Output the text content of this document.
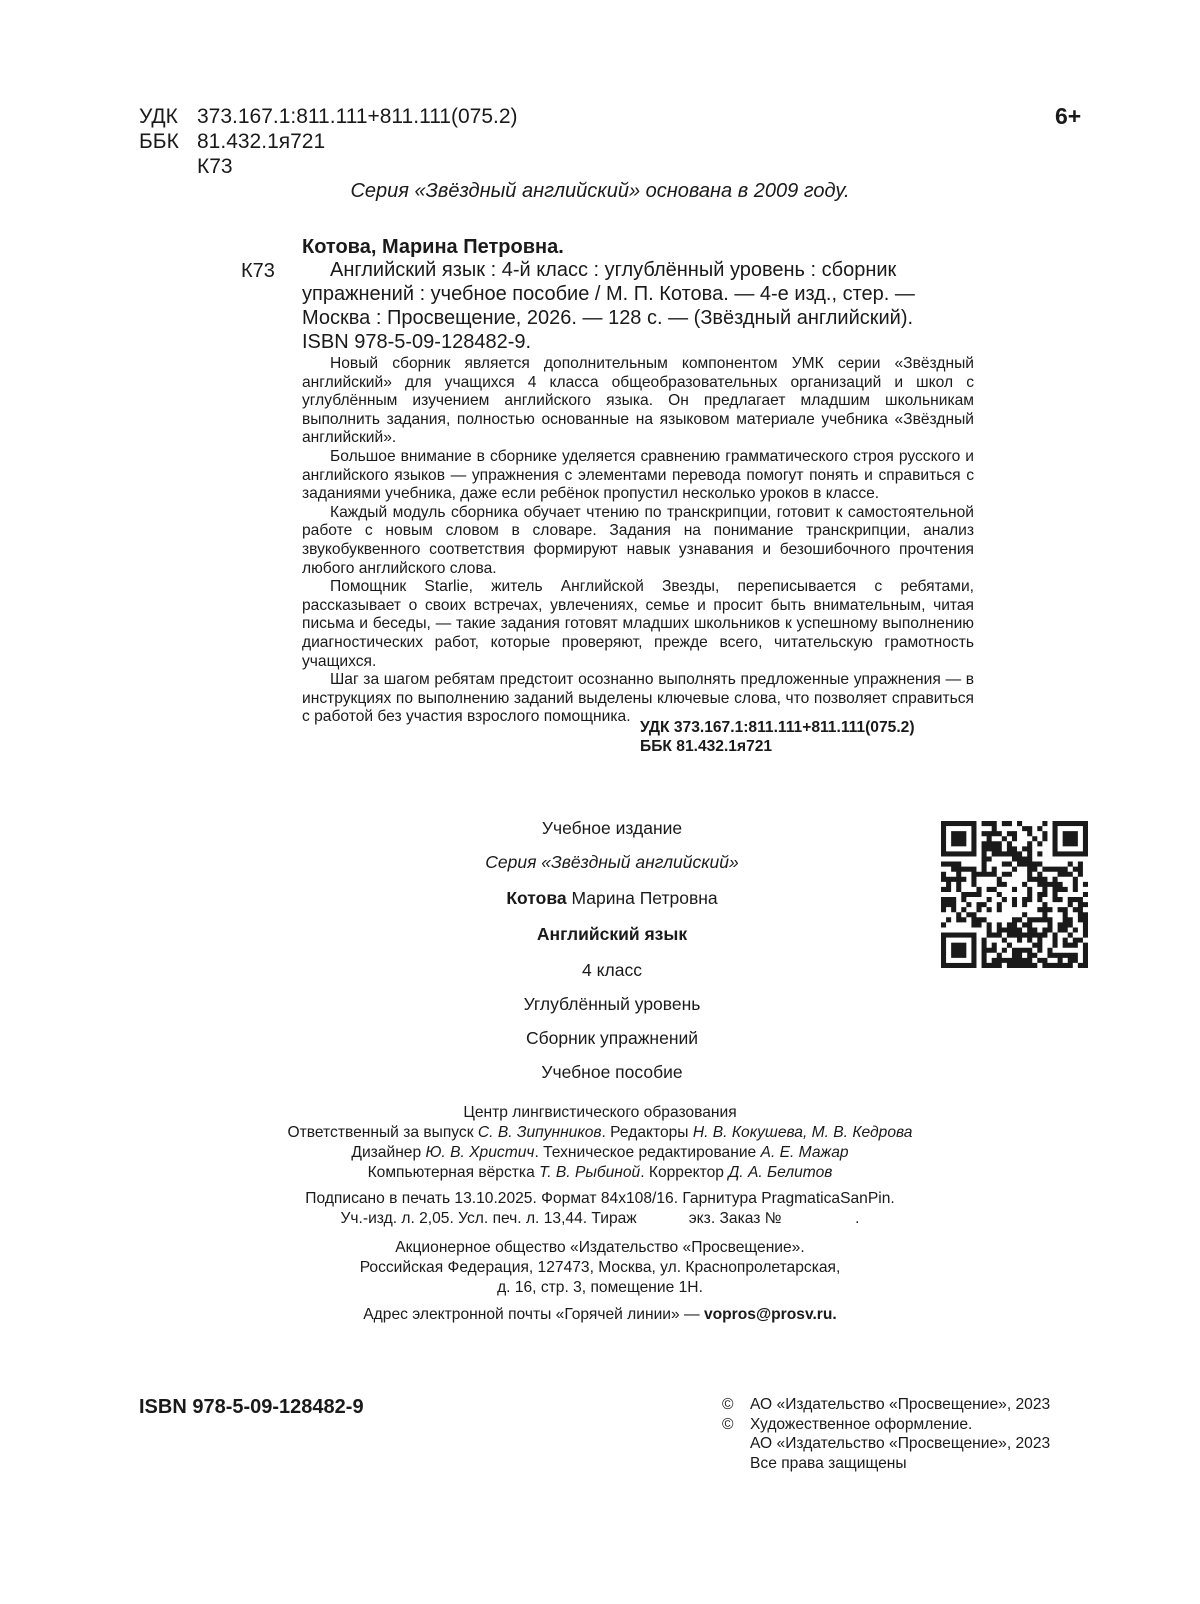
УДК 373.167.1:811.111+811.111(075.2)
ББК 81.432.1я721
К73
6+
Серия «Звёздный английский» основана в 2009 году.
Котова, Марина Петровна.
К73	Английский язык : 4-й класс : углублённый уровень : сборник
упражнений : учебное пособие / М. П. Котова. — 4-е изд., стер. —
Москва : Просвещение, 2026. — 128 с. — (Звёздный английский).
ISBN 978-5-09-128482-9.

Новый сборник является дополнительным компонентом УМК серии «Звёздный английский» для учащихся 4 класса общеобразовательных организаций и школ с углублённым изучением английского языка. Он предлагает младшим школьникам выполнить задания, полностью основанные на языковом материале учебника «Звёздный английский».

Большое внимание в сборнике уделяется сравнению грамматического строя русского и английского языков — упражнения с элементами перевода помогут понять и справиться с заданиями учебника, даже если ребёнок пропустил несколько уроков в классе.

Каждый модуль сборника обучает чтению по транскрипции, готовит к самостоятельной работе с новым словом в словаре. Задания на понимание транскрипции, анализ звукобуквенного соответствия формируют навык узнавания и безошибочного прочтения любого английского слова.

Помощник Starlie, житель Английской Звезды, переписывается с ребятами, рассказывает о своих встречах, увлечениях, семье и просит быть внимательным, читая письма и беседы, — такие задания готовят младших школьников к успешному выполнению диагностических работ, которые проверяют, прежде всего, читательскую грамотность учащихся.

Шаг за шагом ребятам предстоит осознанно выполнять предложенные упражнения — в инструкциях по выполнению заданий выделены ключевые слова, что позволяет справиться с работой без участия взрослого помощника.

УДК 373.167.1:811.111+811.111(075.2)
ББК 81.432.1я721
Учебное издание
Серия «Звёздный английский»
Котова Марина Петровна
Английский язык
4 класс
Углублённый уровень
Сборник упражнений
Учебное пособие
Центр лингвистического образования
Ответственный за выпуск С. В. Зипунников. Редакторы Н. В. Кокушева, М. В. Кедрова
Дизайнер Ю. В. Христич. Техническое редактирование А. Е. Мажар
Компьютерная вёрстка Т. В. Рыбиной. Корректор Д. А. Белитов
Подписано в печать 13.10.2025. Формат 84х108/16. Гарнитура PragmaticaSanPin.
Уч.-изд. л. 2,05. Усл. печ. л. 13,44. Тираж            экз. Заказ №                 .
Акционерное общество «Издательство «Просвещение».
Российская Федерация, 127473, Москва, ул. Краснопролетарская,
д. 16, стр. 3, помещение 1Н.
Адрес электронной почты «Горячей линии» — vopros@prosv.ru.
ISBN 978-5-09-128482-9	©	АО «Издательство «Просвещение», 2023
©	Художественное оформление.
АО «Издательство «Просвещение», 2023
Все права защищены
